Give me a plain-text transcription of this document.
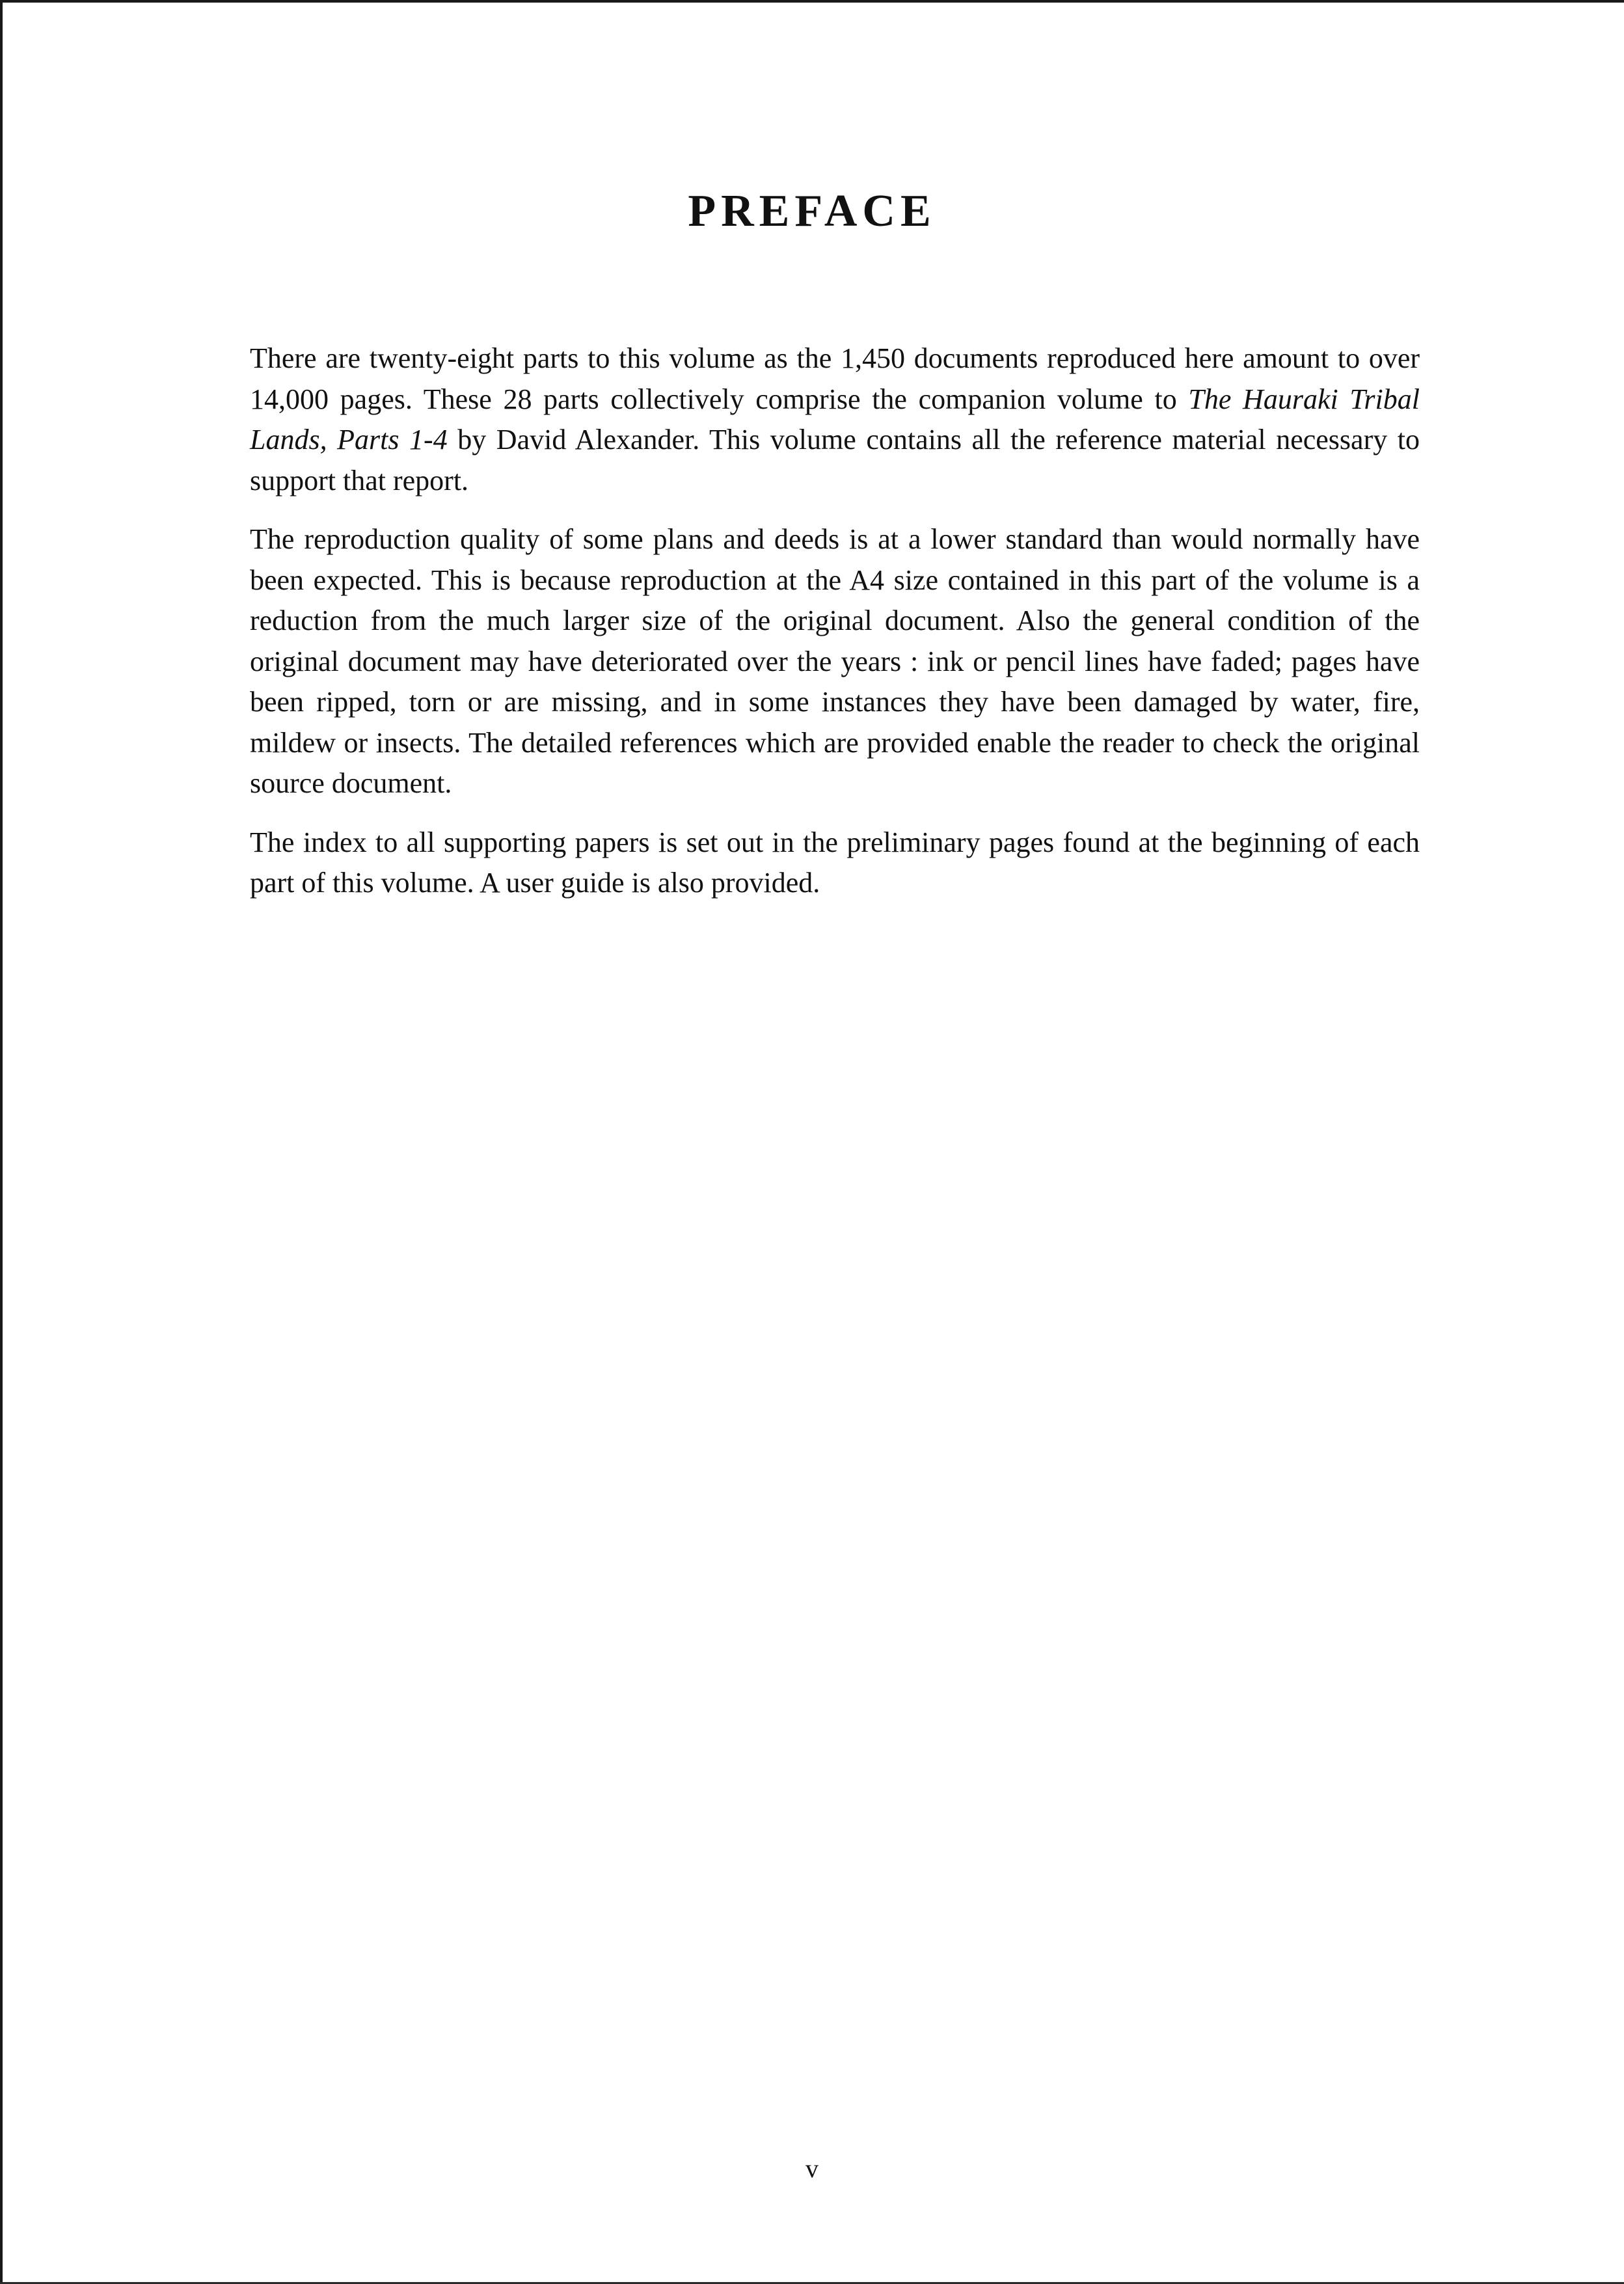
PREFACE

There are twenty-eight parts to this volume as the 1,450 documents reproduced here amount to over 14,000 pages. These 28 parts collectively comprise the companion volume to The Hauraki Tribal Lands, Parts 1-4 by David Alexander. This volume contains all the reference material necessary to support that report.

The reproduction quality of some plans and deeds is at a lower standard than would normally have been expected. This is because reproduction at the A4 size contained in this part of the volume is a reduction from the much larger size of the original document. Also the general condition of the original document may have deteriorated over the years : ink or pencil lines have faded; pages have been ripped, torn or are missing, and in some instances they have been damaged by water, fire, mildew or insects. The detailed references which are provided enable the reader to check the original source document.

The index to all supporting papers is set out in the preliminary pages found at the beginning of each part of this volume. A user guide is also provided.

v
